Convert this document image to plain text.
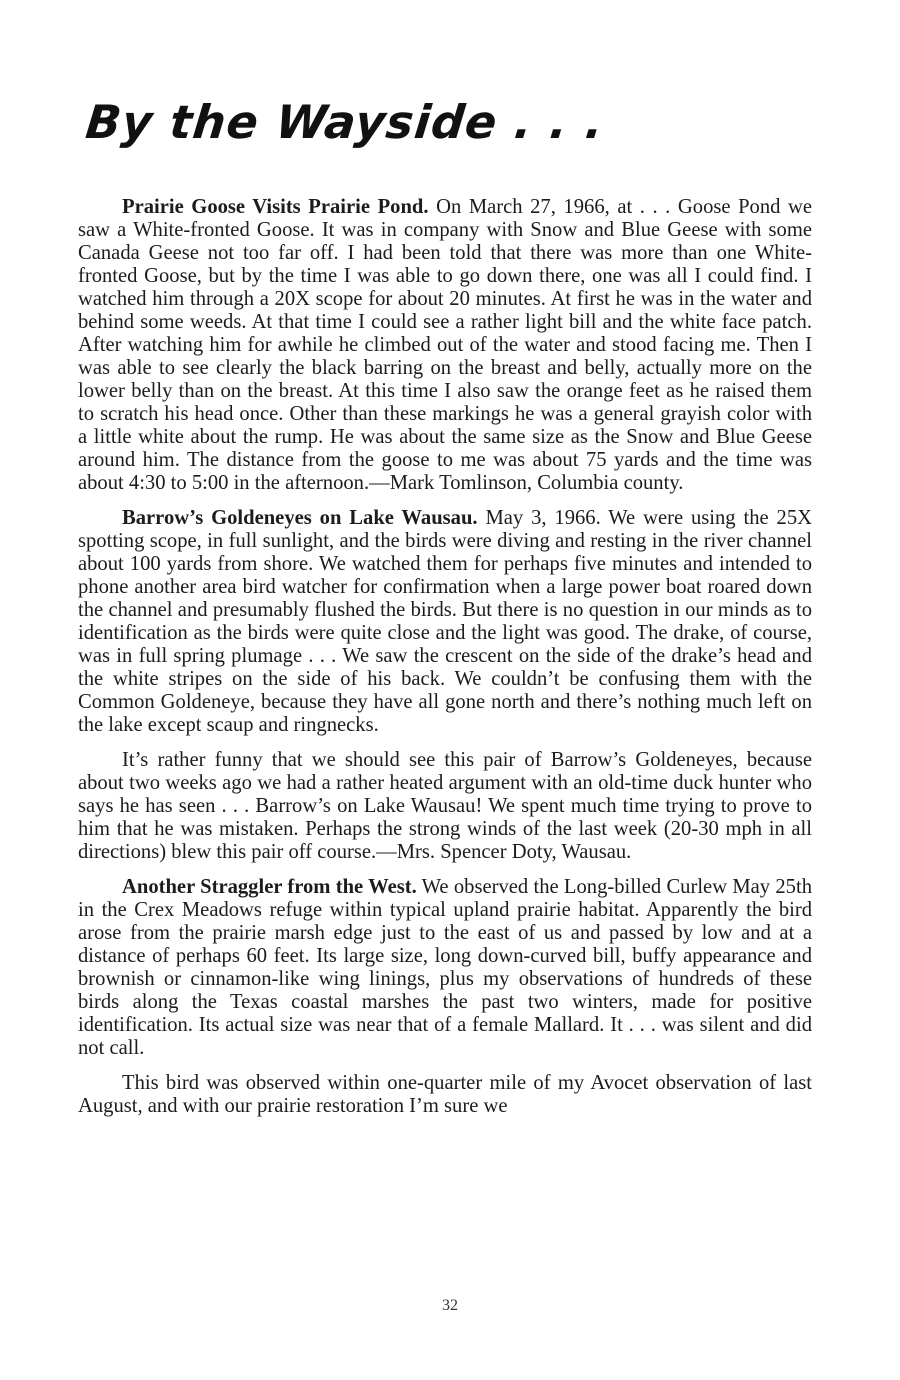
By the Wayside . . .

Prairie Goose Visits Prairie Pond. On March 27, 1966, at . . . Goose Pond we saw a White-fronted Goose. It was in company with Snow and Blue Geese with some Canada Geese not too far off. I had been told that there was more than one White-fronted Goose, but by the time I was able to go down there, one was all I could find. I watched him through a 20X scope for about 20 minutes. At first he was in the water and behind some weeds. At that time I could see a rather light bill and the white face patch. After watching him for awhile he climbed out of the water and stood facing me. Then I was able to see clearly the black barring on the breast and belly, actually more on the lower belly than on the breast. At this time I also saw the orange feet as he raised them to scratch his head once. Other than these markings he was a general grayish color with a little white about the rump. He was about the same size as the Snow and Blue Geese around him. The distance from the goose to me was about 75 yards and the time was about 4:30 to 5:00 in the afternoon.—Mark Tomlinson, Columbia county.

Barrow’s Goldeneyes on Lake Wausau. May 3, 1966. We were using the 25X spotting scope, in full sunlight, and the birds were diving and resting in the river channel about 100 yards from shore. We watched them for perhaps five minutes and intended to phone another area bird watcher for confirmation when a large power boat roared down the channel and presumably flushed the birds. But there is no question in our minds as to identification as the birds were quite close and the light was good. The drake, of course, was in full spring plumage . . . We saw the crescent on the side of the drake’s head and the white stripes on the side of his back. We couldn’t be confusing them with the Common Goldeneye, because they have all gone north and there’s nothing much left on the lake except scaup and ringnecks.

It’s rather funny that we should see this pair of Barrow’s Goldeneyes, because about two weeks ago we had a rather heated argument with an old-time duck hunter who says he has seen . . . Barrow’s on Lake Wausau! We spent much time trying to prove to him that he was mistaken. Perhaps the strong winds of the last week (20-30 mph in all directions) blew this pair off course.—Mrs. Spencer Doty, Wausau.

Another Straggler from the West. We observed the Long-billed Curlew May 25th in the Crex Meadows refuge within typical upland prairie habitat. Apparently the bird arose from the prairie marsh edge just to the east of us and passed by low and at a distance of perhaps 60 feet. Its large size, long down-curved bill, buffy appearance and brownish or cinnamon-like wing linings, plus my observations of hundreds of these birds along the Texas coastal marshes the past two winters, made for positive identification. Its actual size was near that of a female Mallard. It . . . was silent and did not call.

This bird was observed within one-quarter mile of my Avocet observation of last August, and with our prairie restoration I’m sure we

32
